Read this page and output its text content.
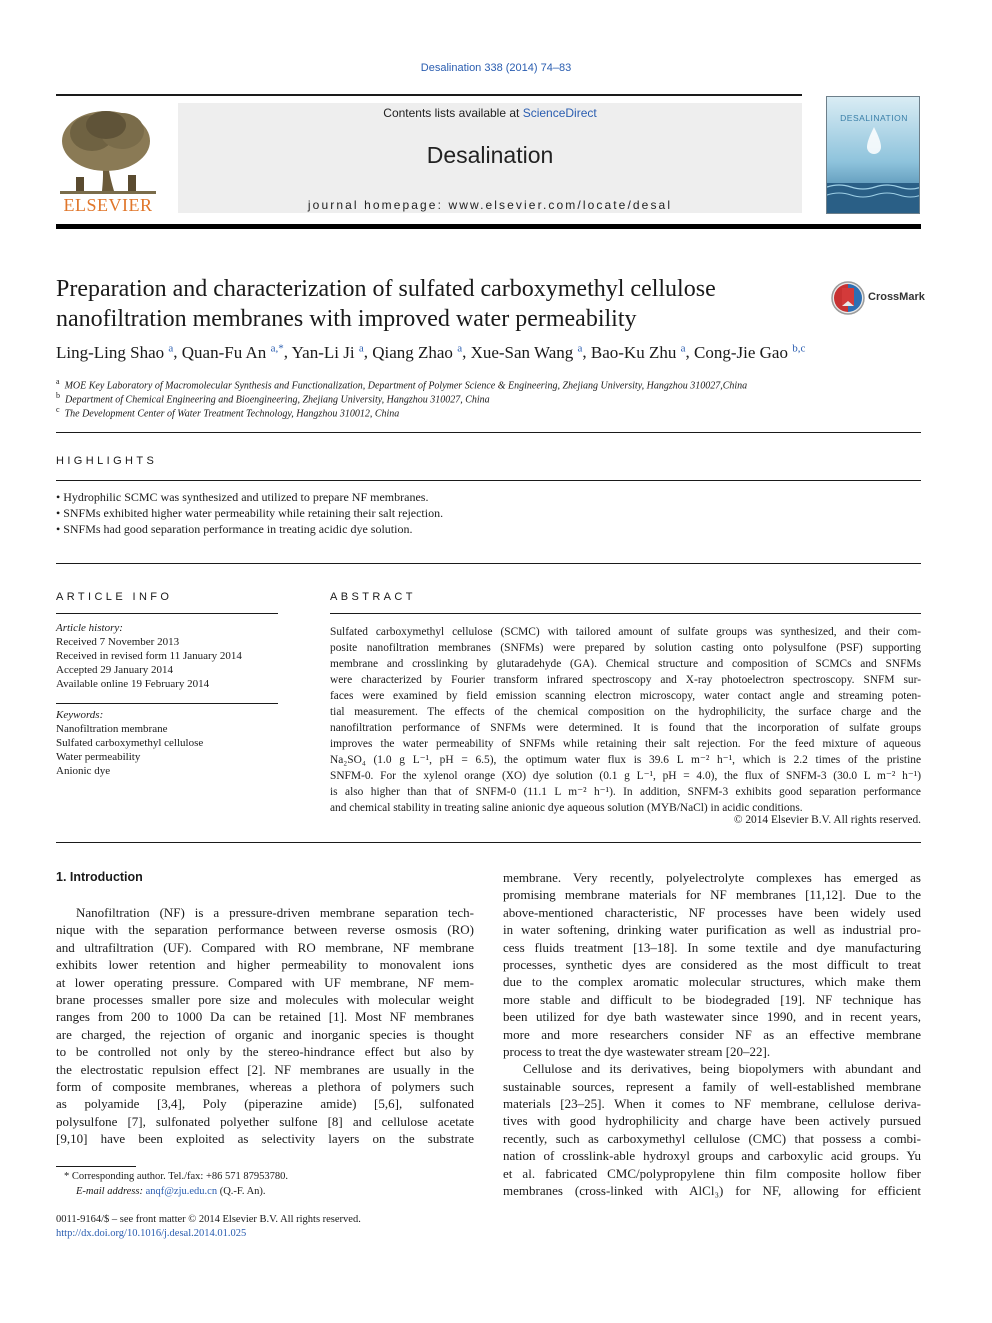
Desalination 338 (2014) 74–83
ELSEVIER
Contents lists available at ScienceDirect
Desalination
journal homepage: www.elsevier.com/locate/desal
DESALINATION
Preparation and characterization of sulfated carboxymethyl cellulose
nanofiltration membranes with improved water permeability
CrossMark
Ling-Ling Shao $^a$, Quan-Fu An $^{a,*}$, Yan-Li Ji $^a$, Qiang Zhao $^a$, Xue-San Wang $^a$, Bao-Ku Zhu $^a$, Cong-Jie Gao $^{b,c}$
$^a$ MOE Key Laboratory of Macromolecular Synthesis and Functionalization, Department of Polymer Science & Engineering, Zhejiang University, Hangzhou 310027,China
$^b$ Department of Chemical Engineering and Bioengineering, Zhejiang University, Hangzhou 310027, China
$^c$ The Development Center of Water Treatment Technology, Hangzhou 310012, China
HIGHLIGHTS
• Hydrophilic SCMC was synthesized and utilized to prepare NF membranes.
• SNFMs exhibited higher water permeability while retaining their salt rejection.
• SNFMs had good separation performance in treating acidic dye solution.
ARTICLE INFO
Article history:
Received 7 November 2013
Received in revised form 11 January 2014
Accepted 29 January 2014
Available online 19 February 2014
Keywords:
Nanofiltration membrane
Sulfated carboxymethyl cellulose
Water permeability
Anionic dye
ABSTRACT
Sulfated carboxymethyl cellulose (SCMC) with tailored amount of sulfate groups was synthesized, and their com-
posite nanofiltration membranes (SNFMs) were prepared by solution casting onto polysulfone (PSF) supporting
membrane and crosslinking by glutaradehyde (GA). Chemical structure and composition of SCMCs and SNFMs
were characterized by Fourier transform infrared spectroscopy and X-ray photoelectron spectroscopy. SNFM sur-
faces were examined by field emission scanning electron microscopy, water contact angle and streaming poten-
tial measurement. The effects of the chemical composition on the hydrophilicity, the surface charge and the
nanofiltration performance of SNFMs were determined. It is found that the incorporation of sulfate groups
improves the water permeability of SNFMs while retaining their salt rejection. For the feed mixture of aqueous
Na₂SO₄ (1.0 g L⁻¹, pH = 6.5), the optimum water flux is 39.6 L m⁻² h⁻¹, which is 2.2 times of the pristine
SNFM-0. For the xylenol orange (XO) dye solution (0.1 g L⁻¹, pH = 4.0), the flux of SNFM-3 (30.0 L m⁻² h⁻¹)
is also higher than that of SNFM-0 (11.1 L m⁻² h⁻¹). In addition, SNFM-3 exhibits good separation performance
and chemical stability in treating saline anionic dye aqueous solution (MYB/NaCl) in acidic conditions.
© 2014 Elsevier B.V. All rights reserved.
1. Introduction
Nanofiltration (NF) is a pressure-driven membrane separation tech-
nique with the separation performance between reverse osmosis (RO)
and ultrafiltration (UF). Compared with RO membrane, NF membrane
exhibits lower retention and higher permeability to monovalent ions
at lower operating pressure. Compared with UF membrane, NF mem-
brane processes smaller pore size and molecules with molecular weight
ranges from 200 to 1000 Da can be retained [1]. Most NF membranes
are charged, the rejection of organic and inorganic species is thought
to be controlled not only by the stereo-hindrance effect but also by
the electrostatic repulsion effect [2]. NF membranes are usually in the
form of composite membranes, whereas a plethora of polymers such
as polyamide [3,4], Poly (piperazine amide) [5,6], sulfonated
polysulfone [7], sulfonated polyether sulfone [8] and cellulose acetate
[9,10] have been exploited as selectivity layers on the substrate
membrane. Very recently, polyelectrolyte complexes has emerged as
promising membrane materials for NF membranes [11,12]. Due to the
above-mentioned characteristic, NF processes have been widely used
in water softening, drinking water purification as well as industrial pro-
cess fluids treatment [13–18]. In some textile and dye manufacturing
processes, synthetic dyes are considered as the most difficult to treat
due to the complex aromatic molecular structures, which make them
more stable and difficult to be biodegraded [19]. NF technique has
been utilized for dye bath wastewater since 1990, and in recent years,
more and more researchers consider NF as an effective membrane
process to treat the dye wastewater stream [20–22].
Cellulose and its derivatives, being biopolymers with abundant and
sustainable sources, represent a family of well-established membrane
materials [23–25]. When it comes to NF membrane, cellulose deriva-
tives with good hydrophilicity and charge have been actively pursued
recently, such as carboxymethyl cellulose (CMC) that possess a combi-
nation of crosslink-able hydroxyl groups and carboxylic acid groups. Yu
et al. fabricated CMC/polypropylene thin film composite hollow fiber
membranes (cross-linked with AlCl₃) for NF, allowing for efficient
* Corresponding author. Tel./fax: +86 571 87953780.
E-mail address: anqf@zju.edu.cn (Q.-F. An).
0011-9164/$ – see front matter © 2014 Elsevier B.V. All rights reserved.
http://dx.doi.org/10.1016/j.desal.2014.01.025
